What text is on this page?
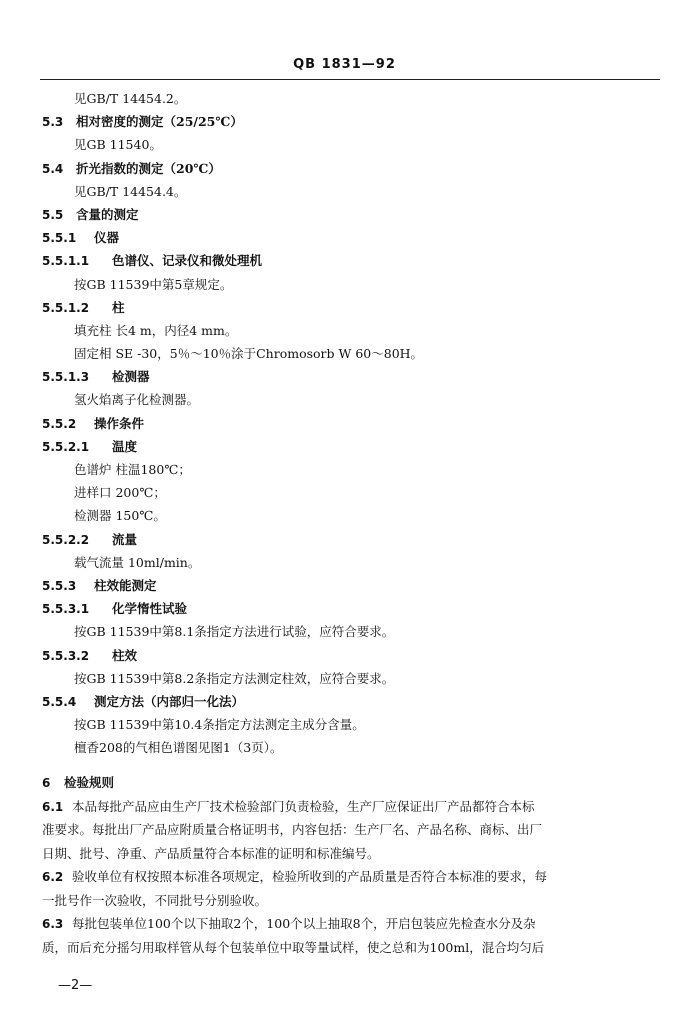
QB 1831—92
见GB/T 14454.2。
5.3 相对密度的测定（25/25℃）
见GB 11540。
5.4 折光指数的测定（20℃）
见GB/T 14454.4。
5.5 含量的测定
5.5.1 仪器
5.5.1.1 色谱仪、记录仪和微处理机
按GB 11539中第5章规定。
5.5.1.2 柱
填充柱 长4 m，内径4 mm。
固定相 SE -30，5％～10％涂于Chromosorb W 60～80H。
5.5.1.3 检测器
氢火焰离子化检测器。
5.5.2 操作条件
5.5.2.1 温度
色谱炉 柱温180℃；
进样口 200℃；
检测器 150℃。
5.5.2.2 流量
载气流量 10ml/min。
5.5.3 柱效能测定
5.5.3.1 化学惰性试验
按GB 11539中第8.1条指定方法进行试验，应符合要求。
5.5.3.2 柱效
按GB 11539中第8.2条指定方法测定柱效，应符合要求。
5.5.4 测定方法（内部归一化法）
按GB 11539中第10.4条指定方法测定主成分含量。
檀香208的气相色谱图见图1（3页）。
6 检验规则
6.1 本品每批产品应由生产厂技术检验部门负责检验，生产厂应保证出厂产品都符合本标
准要求。每批出厂产品应附质量合格证明书，内容包括：生产厂名、产品名称、商标、出厂
日期、批号、净重、产品质量符合本标准的证明和标准编号。
6.2 验收单位有权按照本标准各项规定，检验所收到的产品质量是否符合本标准的要求，每
一批号作一次验收，不同批号分别验收。
6.3 每批包装单位100个以下抽取2个，100个以上抽取8个，开启包装应先检查水分及杂
质，而后充分摇匀用取样管从每个包装单位中取等量试样，使之总和为100ml，混合均匀后
—2—
